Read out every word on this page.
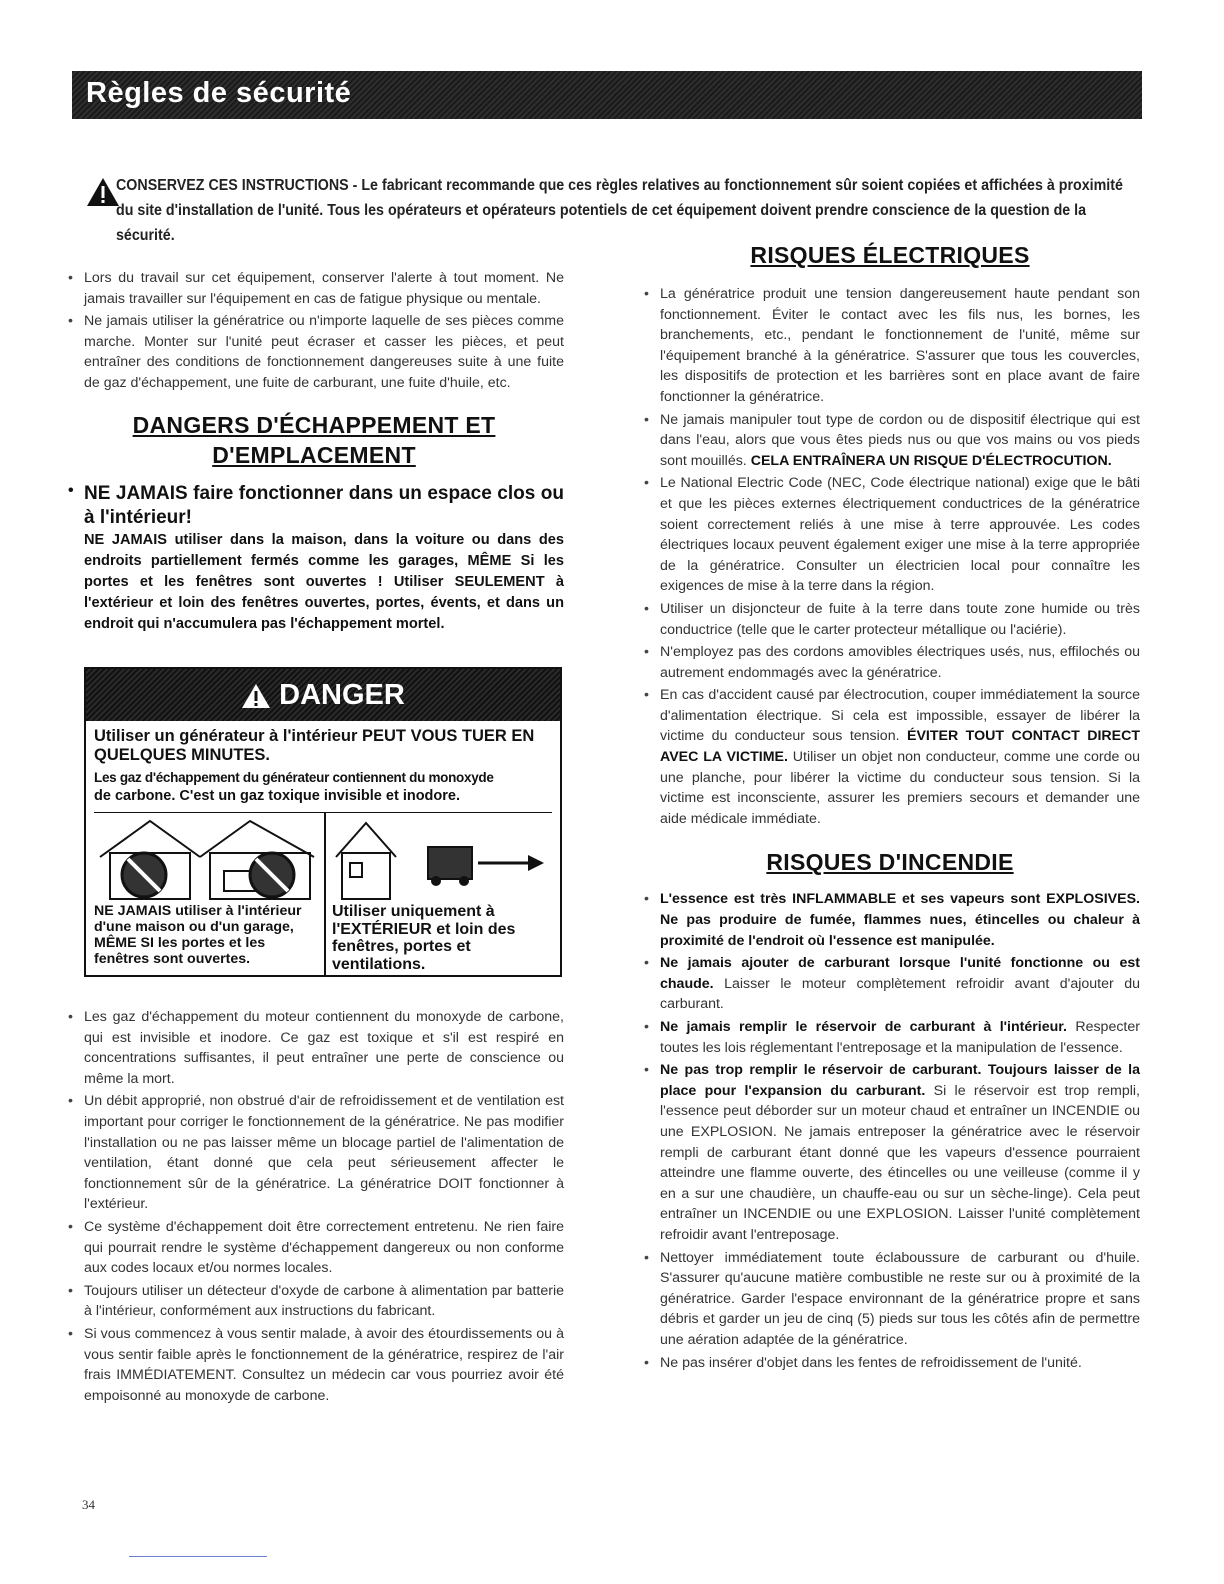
Règles de sécurité
CONSERVEZ CES INSTRUCTIONS - Le fabricant recommande que ces règles relatives au fonctionnement sûr soient copiées et affichées à proximité du site d'installation de l'unité. Tous les opérateurs et opérateurs potentiels de cet équipement doivent prendre conscience de la question de la sécurité.
• Lors du travail sur cet équipement, conserver l'alerte à tout moment. Ne jamais travailler sur l'équipement en cas de fatigue physique ou mentale.
• Ne jamais utiliser la génératrice ou n'importe laquelle de ses pièces comme marche. Monter sur l'unité peut écraser et casser les pièces, et peut entraîner des conditions de fonctionnement dangereuses suite à une fuite de gaz d'échappement, une fuite de carburant, une fuite d'huile, etc.
DANGERS D'ÉCHAPPEMENT ET
D'EMPLACEMENT
• NE JAMAIS faire fonctionner dans un espace clos ou à l'intérieur!
NE JAMAIS utiliser dans la maison, dans la voiture ou dans des endroits partiellement fermés comme les garages, MÊME Si les portes et les fenêtres sont ouvertes ! Utiliser SEULEMENT à l'extérieur et loin des fenêtres ouvertes, portes, évents, et dans un endroit qui n'accumulera pas l'échappement mortel.
DANGER
Utiliser un générateur à l'intérieur PEUT VOUS TUER EN QUELQUES MINUTES.
Les gaz d'échappement du générateur contiennent du monoxyde
de carbone. C'est un gaz toxique invisible et inodore.
NE JAMAIS utiliser à l'intérieur d'une maison ou d'un garage, MÊME SI les portes et les fenêtres sont ouvertes.
Utiliser uniquement à l'EXTÉRIEUR et loin des fenêtres, portes et ventilations.
• Les gaz d'échappement du moteur contiennent du monoxyde de carbone, qui est invisible et inodore. Ce gaz est toxique et s'il est respiré en concentrations suffisantes, il peut entraîner une perte de conscience ou même la mort.
• Un débit approprié, non obstrué d'air de refroidissement et de ventilation est important pour corriger le fonctionnement de la génératrice. Ne pas modifier l'installation ou ne pas laisser même un blocage partiel de l'alimentation de ventilation, étant donné que cela peut sérieusement affecter le fonctionnement sûr de la génératrice. La génératrice DOIT fonctionner à l'extérieur.
• Ce système d'échappement doit être correctement entretenu. Ne rien faire qui pourrait rendre le système d'échappement dangereux ou non conforme aux codes locaux et/ou normes locales.
• Toujours utiliser un détecteur d'oxyde de carbone à alimentation par batterie à l'intérieur, conformément aux instructions du fabricant.
• Si vous commencez à vous sentir malade, à avoir des étourdissements ou à vous sentir faible après le fonctionnement de la génératrice, respirez de l'air frais IMMÉDIATEMENT. Consultez un médecin car vous pourriez avoir été empoisonné au monoxyde de carbone.
RISQUES ÉLECTRIQUES
• La génératrice produit une tension dangereusement haute pendant son fonctionnement. Éviter le contact avec les fils nus, les bornes, les branchements, etc., pendant le fonctionnement de l'unité, même sur l'équipement branché à la génératrice. S'assurer que tous les couvercles, les dispositifs de protection et les barrières sont en place avant de faire fonctionner la génératrice.
• Ne jamais manipuler tout type de cordon ou de dispositif électrique qui est dans l'eau, alors que vous êtes pieds nus ou que vos mains ou vos pieds sont mouillés. CELA ENTRAÎNERA UN RISQUE D'ÉLECTROCUTION.
• Le National Electric Code (NEC, Code électrique national) exige que le bâti et que les pièces externes électriquement conductrices de la génératrice soient correctement reliés à une mise à terre approuvée. Les codes électriques locaux peuvent également exiger une mise à la terre appropriée de la génératrice. Consulter un électricien local pour connaître les exigences de mise à la terre dans la région.
• Utiliser un disjoncteur de fuite à la terre dans toute zone humide ou très conductrice (telle que le carter protecteur métallique ou l'aciérie).
• N'employez pas des cordons amovibles électriques usés, nus, effilochés ou autrement endommagés avec la génératrice.
• En cas d'accident causé par électrocution, couper immédiatement la source d'alimentation électrique. Si cela est impossible, essayer de libérer la victime du conducteur sous tension. ÉVITER TOUT CONTACT DIRECT AVEC LA VICTIME. Utiliser un objet non conducteur, comme une corde ou une planche, pour libérer la victime du conducteur sous tension. Si la victime est inconsciente, assurer les premiers secours et demander une aide médicale immédiate.
RISQUES D'INCENDIE
• L'essence est très INFLAMMABLE et ses vapeurs sont EXPLOSIVES. Ne pas produire de fumée, flammes nues, étincelles ou chaleur à proximité de l'endroit où l'essence est manipulée.
• Ne jamais ajouter de carburant lorsque l'unité fonctionne ou est chaude. Laisser le moteur complètement refroidir avant d'ajouter du carburant.
• Ne jamais remplir le réservoir de carburant à l'intérieur. Respecter toutes les lois réglementant l'entreposage et la manipulation de l'essence.
• Ne pas trop remplir le réservoir de carburant. Toujours laisser de la place pour l'expansion du carburant. Si le réservoir est trop rempli, l'essence peut déborder sur un moteur chaud et entraîner un INCENDIE ou une EXPLOSION. Ne jamais entreposer la génératrice avec le réservoir rempli de carburant étant donné que les vapeurs d'essence pourraient atteindre une flamme ouverte, des étincelles ou une veilleuse (comme il y en a sur une chaudière, un chauffe-eau ou sur un sèche-linge). Cela peut entraîner un INCENDIE ou une EXPLOSION. Laisser l'unité complètement refroidir avant l'entreposage.
• Nettoyer immédiatement toute éclaboussure de carburant ou d'huile. S'assurer qu'aucune matière combustible ne reste sur ou à proximité de la génératrice. Garder l'espace environnant de la génératrice propre et sans débris et garder un jeu de cinq (5) pieds sur tous les côtés afin de permettre une aération adaptée de la génératrice.
• Ne pas insérer d'objet dans les fentes de refroidissement de l'unité.
34
